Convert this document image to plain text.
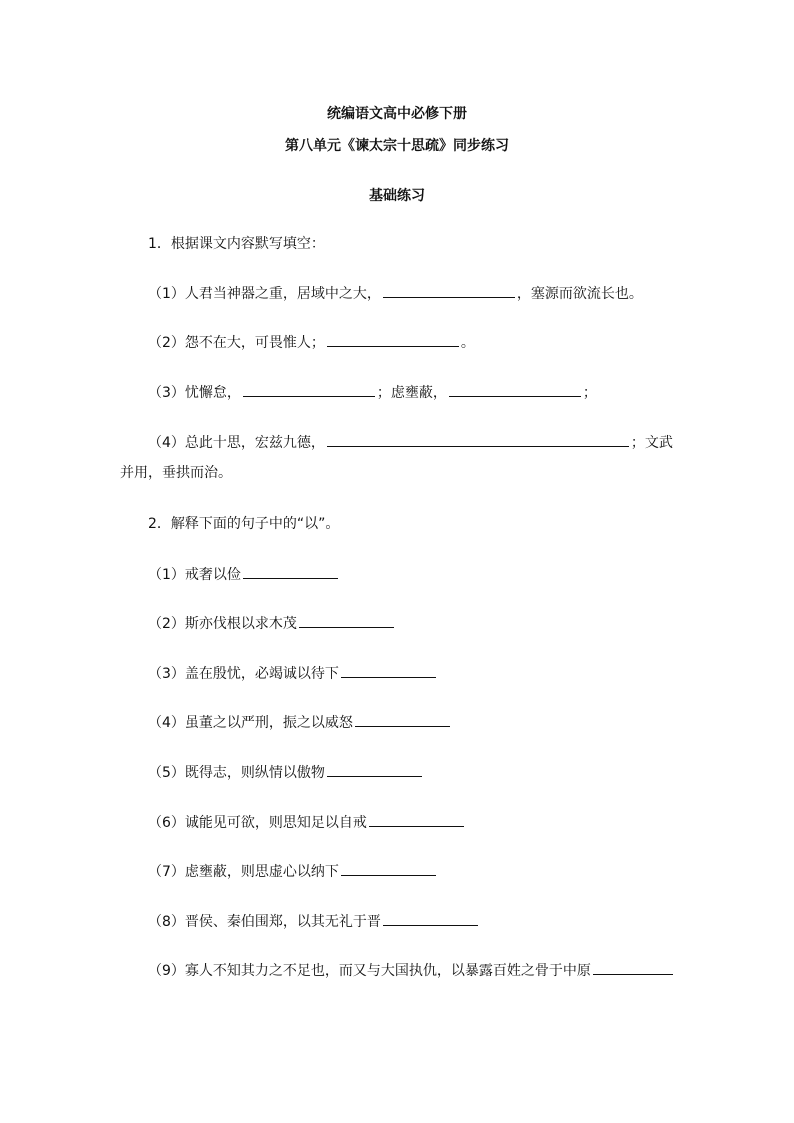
统编语文高中必修下册
第八单元《谏太宗十思疏》同步练习
基础练习
1．根据课文内容默写填空：
（1）人君当神器之重，居域中之大，	，塞源而欲流长也。
（2）怨不在大，可畏惟人；	。
（3）忧懈怠，	；虑壅蔽，	；
（4）总此十思，宏兹九德，	；文武
并用，垂拱而治。
2．解释下面的句子中的“以”。
（1）戒奢以俭
（2）斯亦伐根以求木茂
（3）盖在殷忧，必竭诚以待下
（4）虽董之以严刑，振之以威怒
（5）既得志，则纵情以傲物
（6）诚能见可欲，则思知足以自戒
（7）虑壅蔽，则思虚心以纳下
（8）晋侯、秦伯围郑，以其无礼于晋
（9）寡人不知其力之不足也，而又与大国执仇，以暴露百姓之骨于中原
